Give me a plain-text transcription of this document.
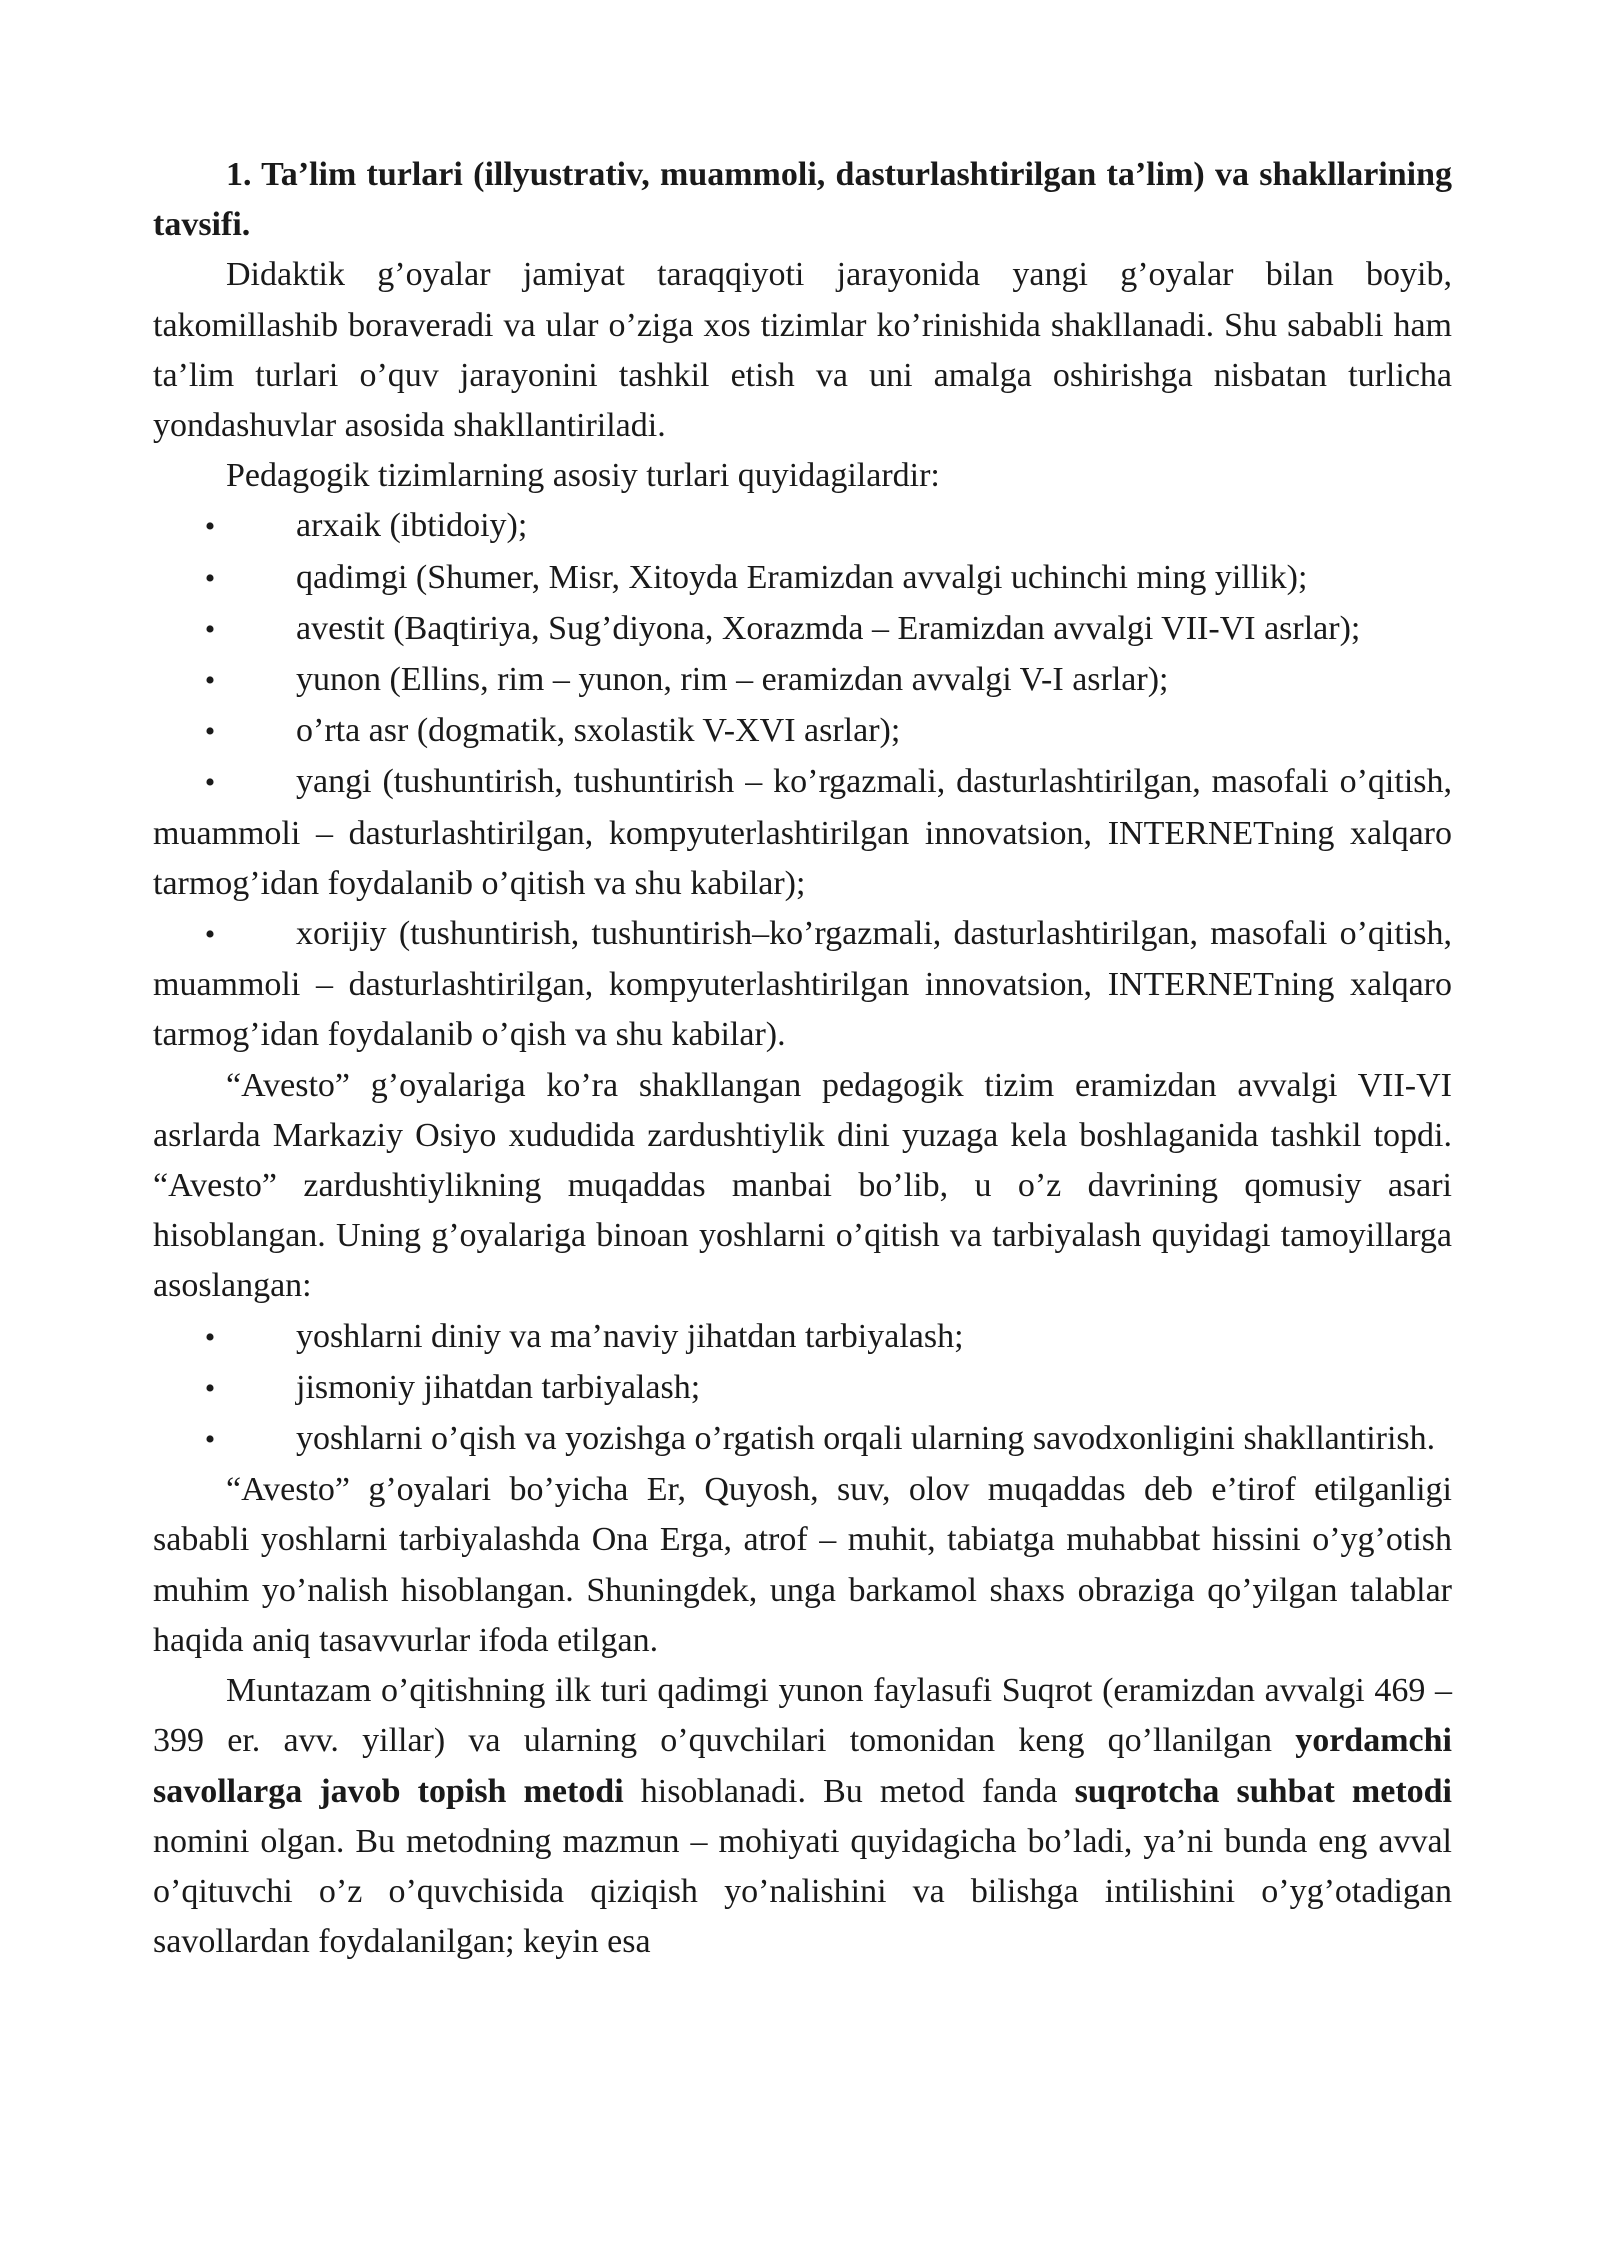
1. Ta’lim turlari (illyustrativ, muammoli, dasturlashtirilgan ta’lim) va shakllarining tavsifi.

Didaktik g’oyalar jamiyat taraqqiyoti jarayonida yangi g’oyalar bilan boyib, takomillashib boraveradi va ular o’ziga xos tizimlar ko’rinishida shakllanadi. Shu sababli ham ta’lim turlari o’quv jarayonini tashkil etish va uni amalga oshirishga nisbatan turlicha yondashuvlar asosida shakllantiriladi.

Pedagogik tizimlarning asosiy turlari quyidagilardir:

• arxaik (ibtidoiy);

• qadimgi (Shumer, Misr, Xitoyda Eramizdan avvalgi uchinchi ming yillik);

• avestit (Baqtiriya, Sug’diyona, Xorazmda – Eramizdan avvalgi VII-VI asrlar);

• yunon (Ellins, rim – yunon, rim – eramizdan avvalgi V-I asrlar);

• o’rta asr (dogmatik, sxolastik V-XVI asrlar);

• yangi (tushuntirish, tushuntirish – ko’rgazmali, dasturlashtirilgan, masofali o’qitish, muammoli – dasturlashtirilgan, kompyuterlashtirilgan innovatsion, INTERNETning xalqaro tarmog’idan foydalanib o’qitish va shu kabilar);

• xorijiy (tushuntirish, tushuntirish–ko’rgazmali, dasturlashtirilgan, masofali o’qitish, muammoli – dasturlashtirilgan, kompyuterlashtirilgan innovatsion, INTERNETning xalqaro tarmog’idan foydalanib o’qish va shu kabilar).

“Avesto” g’oyalariga ko’ra shakllangan pedagogik tizim eramizdan avvalgi VII-VI asrlarda Markaziy Osiyo xududida zardushtiylik dini yuzaga kela boshlaganida tashkil topdi. “Avesto” zardushtiylikning muqaddas manbai bo’lib, u o’z davrining qomusiy asari hisoblangan. Uning g’oyalariga binoan yoshlarni o’qitish va tarbiyalash quyidagi tamoyillarga asoslangan:

• yoshlarni diniy va ma’naviy jihatdan tarbiyalash;

• jismoniy jihatdan tarbiyalash;

• yoshlarni o’qish va yozishga o’rgatish orqali ularning savodxonligini shakllantirish.

“Avesto” g’oyalari bo’yicha Er, Quyosh, suv, olov muqaddas deb e’tirof etilganligi sababli yoshlarni tarbiyalashda Ona Erga, atrof – muhit, tabiatga muhabbat hissini o’yg’otish muhim yo’nalish hisoblangan. Shuningdek, unga barkamol shaxs obraziga qo’yilgan talablar haqida aniq tasavvurlar ifoda etilgan.

Muntazam o’qitishning ilk turi qadimgi yunon faylasufi Suqrot (eramizdan avvalgi 469 – 399 er. avv. yillar) va ularning o’quvchilari tomonidan keng qo’llanilgan yordamchi savollarga javob topish metodi hisoblanadi. Bu metod fanda suqrotcha suhbat metodi nomini olgan. Bu metodning mazmun – mohiyati quyidagicha bo’ladi, ya’ni bunda eng avval o’qituvchi o’z o’quvchisida qiziqish yo’nalishini va bilishga intilishini o’yg’otadigan savollardan foydalanilgan; keyin esa
